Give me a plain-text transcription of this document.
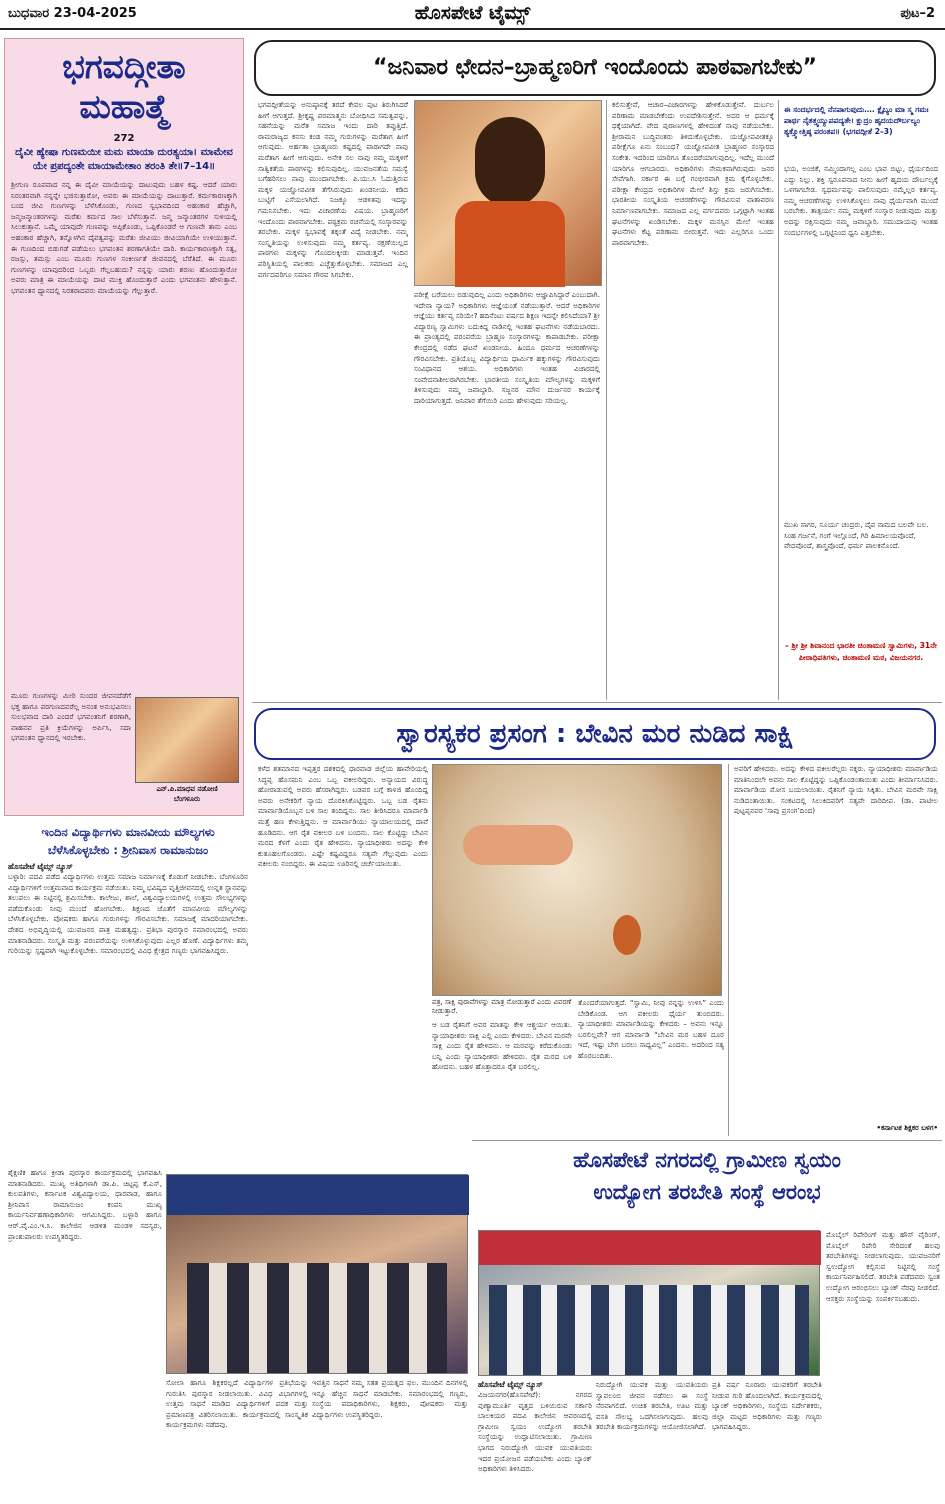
ಬುಧವಾರ 23-04-2025	ಹೊಸಪೇಟೆ ಟೈಮ್ಸ್	ಪುಟ–2
ಭಗವದ್ಗೀತಾ
ಮಹಾತ್ಮೆ
272
ದೈವೀ ಹ್ಯೇಷಾ ಗುಣಮಯೀ ಮಮ ಮಾಯಾ ದುರತ್ಯಯಾ। ಮಾಮೇವ ಯೇ ಪ್ರಪದ್ಯಂತೇ ಮಾಯಾಮೇತಾಂ ತರಂತಿ ತೇ॥7–14॥
ಶ್ರೀಗುಣ ರೂಪವಾದ ನನ್ನ ಈ ದೈವೀ ಮಾಯೆಯನ್ನು ದಾಟುವುದು ಬಹಳ ಕಷ್ಟ. ಆದರೆ ಯಾರು ನಿರಂತರವಾಗಿ ನನ್ನನ್ನೇ ಭಜಿಸುತ್ತಾರೋ, ಅವರು ಈ ಮಾಯೆಯನ್ನು ದಾಟುತ್ತಾರೆ. ಕರ್ಮಕಾರಣಕ್ಕಾಗಿ ಬಂದ ಜೀವಿ ಗುಣಗಳನ್ನು ಬೆಳೆಸಿಕೊಂಡು, ಗುಣದ ಸ್ವಭಾವದಿಂದ ಅಹಂಕಾರ ಹೆಚ್ಚಾಗಿ, ಜನ್ಮಜನ್ಮಾಂತರಗಳನ್ನು ಮರೆತು ಕರ್ಮದ ಸಾಲ ಬೆಳೆಸುತ್ತಾನೆ. ಜನ್ಮ ಜನ್ಮಾಂತರಗಳ ಸುಳಿಯಲ್ಲಿ ಸಿಲುಕುತ್ತಾನೆ. ಒಮ್ಮೆ ಯಾವುದೇ ಗುಣವನ್ನು ಅಪ್ಪಿಕೊಂಡು, ಒಪ್ಪಿಕೊಂಡರೆ ಆ ಗುಣವೇ ತಾನು ಎಂಬ ಅಹಂಕಾರ ಹೆಚ್ಚಾಗಿ, ತನ್ನೊಳಗಿನ ದೈವತ್ವವನ್ನು ಮರೆತು ಜೀವಿಯು ಜೀವಿಯಾಗಿಯೇ ಉಳಿಯುತ್ತಾನೆ. ಈ ಗುಣದಿಂದ ಬಿಡುಗಡೆ ಪಡೆಯಲು ಭಗವಂತನ ಶರಣಾಗತಿಯೇ ದಾರಿ. ಕಾರ್ಯಕಾರಣಕ್ಕಾಗಿ ಸತ್ವ, ರಜಸ್ಸು, ತಮಸ್ಸು ಎಂಬ ಮೂರು ಗುಣಗಳ ಸಂಕೀರ್ಣತೆ ಜೀವನದಲ್ಲಿ ಬೆರೆತಿದೆ. ಈ ಮೂರು ಗುಣಗಳನ್ನು ಯಾವುದರಿಂದ ಒಬ್ಬರು ಗೆಲ್ಲಬಹುದು? ನನ್ನನ್ನು ಯಾರು ಶರಣು ಹೊಂದುತ್ತಾರೋ ಅವರು ಮಾತ್ರ ಈ ಮಾಯೆಯನ್ನು ದಾಟಿ ಮುಕ್ತಿ ಹೊಂದುತ್ತಾರೆ ಎಂದು ಭಗವಂತನು ಹೇಳುತ್ತಾನೆ. ಭಗವಂತನ ಧ್ಯಾನದಲ್ಲಿ ನಿರತರಾದವರು ಮಾಯೆಯನ್ನು ಗೆಲ್ಲುತ್ತಾರೆ.
ಮೂರು ಗುಣಗಳನ್ನು ಮೀರಿ ಸುಂದರ ಜೀವನದೆಡೆಗೆ ಭಕ್ತ ಹಾಗೂ ಪರಗುಣದವರೆಲ್ಲ ಅನಂತ ಅನುಭವಿಸಲು ಸುಲಭವಾದ ದಾರಿ ಎಂದರೆ ಭಗವಂತನಿಗೆ ಶರಣಾಗಿ, ವಾಹನವ ಪ್ರತಿ ಕ್ರಿಯೆಗಳನ್ನು ಅರ್ಪಿಸಿ, ಸದಾ ಭಗವಂತನ ಧ್ಯಾನದಲ್ಲಿ ಇರಬೇಕು.
ಎನ್.ಪಿ.ಮಾಧವ ನಡೋಣಿ
ಬೆಂಗಳೂರು
“ಜನಿವಾರ ಛೇದನ–ಬ್ರಾಹ್ಮಣರಿಗೆ ಇಂದೊಂದು ಪಾಠವಾಗಬೇಕು”
ಭಗವದ್ಗೀತೆಯನ್ನು ಅನುಷ್ಠಾನಕ್ಕೆ ತರದೆ ಕೇವಲ ಪುಟ ತಿರುಗಿಸಿದರೆ ಹೀಗೆ ಆಗುತ್ತದೆ. ಶ್ರೀಕೃಷ್ಣ ಪರಮಾತ್ಮನು ಬೋಧಿಸಿದ ಸಮತ್ವವನ್ನು, ಸಹನೆಯನ್ನು ಮರೆತ ಸಮಾಜ ಇಂದು ದಾರಿ ತಪ್ಪುತ್ತಿದೆ. ರಾಮರಾಜ್ಯದ ಕನಸು ಕಂಡ ನಮ್ಮ ಗುರುಗಳನ್ನು ಮರೆತಾಗ ಹೀಗೆ ಆಗುವುದು. ಅರ್ಹತಾ ಬ್ರಾಹ್ಮಣರು ಕಷ್ಟದಲ್ಲಿ ಪಾರಾಗದೇ ನಾವು ಮರೆತಾಗ ಹೀಗೆ ಆಗುವುದು. ಅನೇಕ ಸಲ ನಾವು ನಮ್ಮ ಮಕ್ಕಳಿಗೆ ಸಾತ್ವಿಕತೆಯ ಪಾಠಗಳನ್ನು ಕಲಿಸುವುದಿಲ್ಲ. ಯುವಜನತೆಯ ಸಮಸ್ಯೆ ಬಗೆಹರಿಸಲು ನಾವು ಮುಂದಾಗಬೇಕು. ಪಿ.ಯು.ಸಿ ಓದುತ್ತಿರುವ ಮಕ್ಕಳ ಯಜ್ಞೋಪವೀತ ತೆಗೆಸಿರುವುದು ಖಂಡನೀಯ. ಕಡಿದ ಬುಟ್ಟಿಗೆ ಎಸೆಯಲಾಗಿದೆ. ನಿಜಕ್ಕೂ ಆಡಳಿತವು ಇದನ್ನು ಗಮನಿಸಬೇಕು. ಇದು ವಿಚಾರಣೆಯ ವಿಷಯ. ಬ್ರಾಹ್ಮಣರಿಗೆ ಇಂದೊಂದು ಪಾಠವಾಗಬೇಕು. ಪಠ್ಯಕ್ರಮ ರಚನೆಯಲ್ಲಿ ಸಂಸ್ಕಾರವನ್ನು ತರಬೇಕು. ಮಕ್ಕಳ ಸ್ವಭಾವಕ್ಕೆ ತಕ್ಕಂತೆ ವಿದ್ಯೆ ನೀಡಬೇಕು. ನಮ್ಮ ಸಂಸ್ಕೃತಿಯನ್ನು ಉಳಿಸುವುದು ನಮ್ಮ ಕರ್ತವ್ಯ. ರಕ್ಷಣೆಯಿಲ್ಲದ ಪಾಠಗಳು ಮಕ್ಕಳನ್ನು ಗೊಂದಲಕ್ಕೀಡು ಮಾಡುತ್ತವೆ. ಇಂದಿನ ಪರಿಸ್ಥಿತಿಯಲ್ಲಿ ಪಾಲಕರು ಎಚ್ಚೆತ್ತುಕೊಳ್ಳಬೇಕು. ಸಮಾಜದ ಎಲ್ಲ ವರ್ಗದವರಿಗೂ ಸಮಾನ ಗೌರವ ಸಿಗಬೇಕು.
ಪರೀಕ್ಷೆ ಬರೆಯಲು ಬಿಡುವುದಿಲ್ಲ ಎಂದು ಅಧಿಕಾರಿಗಳು ಆಜ್ಞಾಪಿಸಿದ್ದಾರೆ ಎಂಬುದಾಗಿ. ಇದೇನಾ ನ್ಯಾಯ? ಅಧಿಕಾರಿಗಳು ಆಜ್ಞೆಯಂತೆ ನಡೆಯುತ್ತಾರೆ. ಆದರೆ ಅಧಿಕಾರಿಗಳ ಆಜ್ಞೆಯು ಕರ್ತವ್ಯ ಸರಿಯೇ? ಹದಿನೆಂಟು ವರ್ಷದ ಶಿಕ್ಷಣ ಇದನ್ನೇ ಕಲಿಸಿದೆಯಾ? ಶ್ರೀ ವಿದ್ಯಾರಣ್ಯ ಸ್ವಾಮಿಗಳು ಬದುಕಿದ್ದ ನಾಡಿನಲ್ಲಿ ಇಂತಹ ಘಟನೆಗಳು ನಡೆಯಬಾರದು. ಈ ಪ್ರಾಂತ್ಯದಲ್ಲಿ ಪರಂಪರೆಯ ಬ್ರಾಹ್ಮಣ ಸಂಸ್ಕಾರಗಳನ್ನು ಕಾಪಾಡಬೇಕು. ಪರೀಕ್ಷಾ ಕೇಂದ್ರದಲ್ಲಿ ನಡೆದ ಘಟನೆ ಖಂಡನೀಯ. ಹಿಂದೂ ಧರ್ಮದ ಆಚರಣೆಗಳನ್ನು ಗೌರವಿಸಬೇಕು. ಪ್ರತಿಯೊಬ್ಬ ವಿದ್ಯಾರ್ಥಿಯ ಧಾರ್ಮಿಕ ಹಕ್ಕುಗಳನ್ನು ಗೌರವಿಸುವುದು ಸಂವಿಧಾನದ ಆಶಯ. ಅಧಿಕಾರಿಗಳು ಇಂತಹ ವಿಚಾರದಲ್ಲಿ ಸಂವೇದನಾಶೀಲರಾಗಿರಬೇಕು. ಭಾರತೀಯ ಸಂಸ್ಕೃತಿಯ ಮೌಲ್ಯಗಳನ್ನು ಮಕ್ಕಳಿಗೆ ತಿಳಿಸುವುದು ನಮ್ಮ ಜವಾಬ್ದಾರಿ. ಸಜ್ಜನರ ಮೌನ ದುರ್ಜನರ ಕಾರ್ಯಕ್ಕೆ ದಾರಿಯಾಗುತ್ತದೆ. ಜನಿವಾರ ತೆಗೆಯಿರಿ ಎಂದು ಹೇಳುವುದು ಸರಿಯಲ್ಲ.
ಕಲಿಸುತ್ತೇವೆ, ಆಚಾರ–ವಿಚಾರಗಳನ್ನು ಹೇಳಿಕೊಡುತ್ತೇವೆ. ದುರ್ಬಲ ಪರಿಣಾಮ ಮಾಡಬೇಕೆಂದು ಉಪದೇಶಿಸುತ್ತೇನೆ. ಅದರ ಆ ಧರ್ಮಕ್ಕೆ ಧಕ್ಕೆಯಾಗಿದೆ. ವೇದ ಪುರಾಣಗಳಲ್ಲಿ ಹೇಳಿದಂತೆ ನಾವು ನಡೆಯಬೇಕು. ಶ್ರೀರಾಮನ ಬುದ್ಧಿವಂತರು ತಿಳಿದುಕೊಳ್ಳಬೇಕು. ಯಜ್ಞೋಪವೀತಕ್ಕೂ ಪರೀಕ್ಷೆಗೂ ಏನು ಸಂಬಂಧ? ಯಜ್ಞೋಪವೀತ ಬ್ರಾಹ್ಮಣರ ಸಂಸ್ಕಾರದ ಸಂಕೇತ. ಇದರಿಂದ ಯಾರಿಗೂ ತೊಂದರೆಯಾಗುವುದಿಲ್ಲ. ಇದೆಲ್ಲ ಮುಂದೆ ಯಾರಿಗೂ ಆಗಬಾರದು. ಅಧಿಕಾರಿಗಳು ನೇಮಕವಾಗಿರುವುದು ಜನರ ಸೇವೆಗಾಗಿ. ಸರ್ಕಾರ ಈ ಬಗ್ಗೆ ಗಂಭೀರವಾಗಿ ಕ್ರಮ ಕೈಗೊಳ್ಳಬೇಕು. ಪರೀಕ್ಷಾ ಕೇಂದ್ರದ ಅಧಿಕಾರಿಗಳ ಮೇಲೆ ಶಿಸ್ತು ಕ್ರಮ ಜರುಗಿಸಬೇಕು. ಭಾರತೀಯ ಸಂಸ್ಕೃತಿಯ ಆಚರಣೆಗಳನ್ನು ಗೌರವಿಸುವ ವಾತಾವರಣ ನಿರ್ಮಾಣವಾಗಬೇಕು. ಸಮಾಜದ ಎಲ್ಲ ವರ್ಗದವರು ಒಗ್ಗಟ್ಟಾಗಿ ಇಂತಹ ಘಟನೆಗಳನ್ನು ಖಂಡಿಸಬೇಕು. ಮಕ್ಕಳ ಮನಸ್ಸಿನ ಮೇಲೆ ಇಂತಹ ಘಟನೆಗಳು ಕೆಟ್ಟ ಪರಿಣಾಮ ಬೀರುತ್ತವೆ. ಇದು ಎಲ್ಲರಿಗೂ ಒಂದು ಪಾಠವಾಗಬೇಕು.
ಈ ಸಂದರ್ಭದಲ್ಲಿ ನೆನಪಾಗುವುದು…. ಕ್ಲೈಬ್ಯಂ ಮಾ ಸ್ಮ ಗಮಃ ಪಾರ್ಥ ನೈತತ್ತ್ವಯ್ಯುಪಪದ್ಯತೇ। ಕ್ಷುದ್ರಂ ಹೃದಯದೌರ್ಬಲ್ಯಂ ತ್ಯಕ್ತ್ವೋತ್ತಿಷ್ಠ ಪರಂತಪ॥ (ಭಗವದ್ಗೀತೆ 2–3)
ಭಯ, ಅಂಜಿಕೆ, ನಮ್ಮಿಂದಾಗಲ್ಲ ಎಂಬ ಭಾವ ಬಿಟ್ಟು, ಧೈರ್ಯದಿಂದ ಎದ್ದು ನಿಲ್ಲು. ಶಕ್ತಿ ಸ್ವರೂಪನಾದ ನೀನು ಹೀಗೆ ಹೃದಯ ದೌರ್ಬಲ್ಯಕ್ಕೆ ಒಳಗಾಗಬೇಡ. ಸ್ವಧರ್ಮವನ್ನು ಪಾಲಿಸುವುದು ನಮ್ಮೆಲ್ಲರ ಕರ್ತವ್ಯ. ನಮ್ಮ ಆಚರಣೆಗಳನ್ನು ಉಳಿಸಿಕೊಳ್ಳಲು ನಾವು ಧೈರ್ಯವಾಗಿ ಮುಂದೆ ಬರಬೇಕು. ತಾತ್ಪರ್ಯ: ನಮ್ಮ ಮಕ್ಕಳಿಗೆ ಸಂಸ್ಕಾರ ನೀಡುವುದು ಮತ್ತು ಅದನ್ನು ರಕ್ಷಿಸುವುದು ನಮ್ಮ ಜವಾಬ್ದಾರಿ. ಸಮುದಾಯವು ಇಂತಹ ಸಂದರ್ಭಗಳಲ್ಲಿ ಒಗ್ಗಟ್ಟಿನಿಂದ ಧ್ವನಿ ಎತ್ತಬೇಕು.
ಮುಖ ಸಾಗರ, ಸೂರ್ಯ ಚಂದ್ರರು, ದೈವ ನಾಮದ ಬಲವೇ ಬಲ. ಸಿಂಹ ಗರ್ಜನೆ, ಗಂಗೆ ಇಲ್ಲೊಂದೆ, ಗಿರಿ ಹಿಮಾಲಯವೊಂದೆ, ವೇದವೊಂದೆ, ಶಾಸ್ತ್ರವೊಂದೆ, ಧರ್ಮ ಪಾಲಕನೊಂದೆ.
– ಶ್ರೀ ಶ್ರೀ ಶಿವಾನಂದ ಭಾರತೀ ಚಿಂತಾಮಣಿ ಸ್ವಾಮಿಗಳು, 31ನೇ ಪೀಠಾಧಿಪತಿಗಳು, ಚಿಂತಾಮಣಿ ಮಠ, ವಿಜಯನಗರ.
ಸ್ವಾರಸ್ಯಕರ ಪ್ರಸಂಗ : ಬೇವಿನ ಮರ ನುಡಿದ ಸಾಕ್ಷಿ
ಕಳೆದ ಶತಮಾನದ ಇಪ್ಪತ್ತರ ದಶಕದಲ್ಲಿ ಧಾರವಾಡ ಜಿಲ್ಲೆಯ ಹಾವೇರಿಯಲ್ಲಿ ಸಿದ್ಧಪ್ಪ ಹೊಸಮನಿ ಎಂಬ ಒಬ್ಬ ವಕೀಲರಿದ್ದರು. ಅನ್ಯಾಯದ ವಿರುದ್ಧ ಹೋರಾಡುವಲ್ಲಿ ಅವರು ಹೆಸರಾಗಿದ್ದರು. ಬಡವರ ಬಗ್ಗೆ ಕಾಳಜಿ ಹೊಂದಿದ್ದ ಅವರು ಅನೇಕರಿಗೆ ನ್ಯಾಯ ದೊರಕಿಸಿಕೊಟ್ಟಿದ್ದರು. ಒಬ್ಬ ಬಡ ರೈತನು ಮಾರ್ವಾಡಿಯೊಬ್ಬನ ಬಳಿ ಸಾಲ ತಂದಿದ್ದನು. ಸಾಲ ತೀರಿಸಿದರೂ ಮಾರ್ವಾಡಿ ಮತ್ತೆ ಹಣ ಕೇಳುತ್ತಿದ್ದನು. ಆ ಮಾರ್ವಾಡಿಯು ನ್ಯಾಯಾಲಯದಲ್ಲಿ ದಾವೆ ಹೂಡಿದನು. ಆಗ ರೈತ ವಕೀಲರ ಬಳಿ ಬಂದನು. ಸಾಲ ಕೊಟ್ಟಿದ್ದು ಬೇವಿನ ಮರದ ಕೆಳಗೆ ಎಂದು ರೈತ ಹೇಳಿದನು. ನ್ಯಾಯಾಧೀಶರು ಅದನ್ನು ಕೇಳಿ ಕುತೂಹಲಗೊಂಡರು. ಎಷ್ಟೇ ಕಷ್ಟವಿದ್ದರೂ ಸತ್ಯವೇ ಗೆಲ್ಲುವುದು ಎಂದು ವಕೀಲರು ನಂಬಿದ್ದರು. ಈ ವಿಷಯ ಊರಿನಲ್ಲಿ ಚರ್ಚೆಯಾಯಿತು.
ಪತ್ರ, ಸಾಕ್ಷಿ ಪುರಾವೆಗಳನ್ನು ಮಾತ್ರ ನೋಡುತ್ತಾರೆ ಎಂದು ವಿವರಣೆ ನೀಡುತ್ತಾರೆ.
ಆ ಬಡ ರೈತನಿಗೆ ಅವರ ಮಾತನ್ನು ಕೇಳಿ ಆಶ್ಚರ್ಯ ಆಯಿತು. ನ್ಯಾಯಾಧೀಶರು ಸಾಕ್ಷಿ ಎಲ್ಲಿ ಎಂದು ಕೇಳಿದರು. ಬೇವಿನ ಮರವೇ ಸಾಕ್ಷಿ ಎಂದು ರೈತ ಹೇಳಿದನು. ಆ ಮರವನ್ನು ಕರೆದುಕೊಂಡು ಬನ್ನಿ ಎಂದು ನ್ಯಾಯಾಧೀಶರು ಹೇಳಿದರು. ರೈತ ಮರದ ಬಳಿ ಹೋದನು. ಬಹಳ ಹೊತ್ತಾದರೂ ರೈತ ಬರಲಿಲ್ಲ.
ತೊಂದರೆಯಾಗುತ್ತದೆ. “ಸ್ವಾಮಿ, ನೀವು ನನ್ನನ್ನು ಉಳಿಸಿ” ಎಂದು ಬೇಡಿಕೊಂಡ. ಆಗ ವಕೀಲರು ಧೈರ್ಯ ತುಂಬಿದರು. ನ್ಯಾಯಾಧೀಶರು ಮಾರ್ವಾಡಿಯನ್ನು ಕೇಳಿದರು – ಅವನು ಇನ್ನೂ ಬರಲಿಲ್ಲವೇ? ಆಗ ಮಾರ್ವಾಡಿ “ಬೇವಿನ ಮರ ಬಹಳ ದೂರ ಇದೆ, ಇಷ್ಟು ಬೇಗ ಬರಲು ಸಾಧ್ಯವಿಲ್ಲ” ಎಂದನು. ಅದರಿಂದ ಸತ್ಯ ಹೊರಬಂದಿತು.
ಅವರಿಗೆ ಹೇಳಿದರು. ಅದನ್ನು ಕೇಳಿದ ವಕೀಲರೆಲ್ಲರು ನಕ್ಕರು. ನ್ಯಾಯಾಧೀಶರು ಮಾರ್ವಾಡಿಯ ಮಾತಿನಿಂದಲೇ ಅವನು ಸಾಲ ಕೊಟ್ಟಿದ್ದನ್ನು ಒಪ್ಪಿಕೊಂಡಂತಾಯಿತು ಎಂದು ತೀರ್ಮಾನಿಸಿದರು. ಮಾರ್ವಾಡಿಯ ಮೋಸ ಬಯಲಾಯಿತು. ರೈತನಿಗೆ ನ್ಯಾಯ ಸಿಕ್ಕಿತು. ಬೇವಿನ ಮರವೇ ಸಾಕ್ಷಿ ನುಡಿದಂತಾಯಿತು. ಸಂಕಟದಲ್ಲಿ ಸಿಲುಕಿದವರಿಗೆ ಸತ್ಯವೇ ದಾರಿದೀಪ. (ಡಾ. ಪಾಟೀಲ ಪುಟ್ಟಪ್ಪನವರ ‘ಸಾವು ಪ್ರಸಂಗ’ದಿಂದ)
•ಕರ್ನಾಟಕ ಶಿಕ್ಷಕರ ಬಳಗ•
ಇಂದಿನ ವಿದ್ಯಾರ್ಥಿಗಳು ಮಾನವೀಯ ಮೌಲ್ಯಗಳು
ಬೆಳೆಸಿಕೊಳ್ಳಬೇಕು : ಶ್ರೀನಿವಾಸ ರಾಮಾನುಜಂ
ಹೊಸಪೇಟೆ ಟೈಮ್ಸ್ ನ್ಯೂಸ್
ಬಳ್ಳಾರಿ: ಪದವಿ ಪಡೆದ ವಿದ್ಯಾರ್ಥಿಗಳು ಉತ್ತಮ ಸಮಾಜ ನಿರ್ಮಾಣಕ್ಕೆ ಕೊಡುಗೆ ನೀಡಬೇಕು. ಬೆಂಗಳೂರಿನ ವಿದ್ಯಾರ್ಥಿಗಳಿಗೆ ಉತ್ತಮವಾದ ಕಾರ್ಯಕ್ರಮ ನಡೆಯಿತು. ನಿಮ್ಮ ಭವಿಷ್ಯದ ವೃತ್ತಿಜೀವನದಲ್ಲಿ ಉನ್ನತ ಸ್ಥಾನವನ್ನು ತಲುಪಲು ಈ ನಿಟ್ಟಿನಲ್ಲಿ ಶ್ರಮಿಸಬೇಕು. ಕಾಲೇಜು, ಶಾಲೆ, ವಿಶ್ವವಿದ್ಯಾಲಯಗಳಲ್ಲಿ ಉತ್ತಮ ಸೌಲಭ್ಯಗಳನ್ನು ಪಡೆದುಕೊಂಡು ನೀವು ಮುಂದೆ ಹೋಗಬೇಕು. ಶಿಕ್ಷಣದ ಜೊತೆಗೆ ಮಾನವೀಯ ಮೌಲ್ಯಗಳನ್ನು ಬೆಳೆಸಿಕೊಳ್ಳಬೇಕು. ಪೋಷಕರು ಹಾಗೂ ಗುರುಗಳನ್ನು ಗೌರವಿಸಬೇಕು. ಸಮಾಜಕ್ಕೆ ಮಾದರಿಯಾಗಬೇಕು. ದೇಶದ ಅಭಿವೃದ್ಧಿಯಲ್ಲಿ ಯುವಜನರ ಪಾತ್ರ ಮಹತ್ವದ್ದು. ಪ್ರತಿಭಾ ಪುರಸ್ಕಾರ ಸಮಾರಂಭದಲ್ಲಿ ಅವರು ಮಾತನಾಡಿದರು. ಸಂಸ್ಕೃತಿ ಮತ್ತು ಪರಂಪರೆಯನ್ನು ಉಳಿಸಿಕೊಳ್ಳುವುದು ಎಲ್ಲರ ಹೊಣೆ. ವಿದ್ಯಾರ್ಥಿಗಳು ತಮ್ಮ ಗುರಿಯನ್ನು ಸ್ಪಷ್ಟವಾಗಿ ಇಟ್ಟುಕೊಳ್ಳಬೇಕು. ಸಮಾರಂಭದಲ್ಲಿ ವಿವಿಧ ಕ್ಷೇತ್ರದ ಗಣ್ಯರು ಭಾಗವಹಿಸಿದ್ದರು.
ಶೈಕ್ಷಣಿಕ ಹಾಗೂ ಕ್ರೀಡಾ ಪುರಸ್ಕಾರ ಕಾರ್ಯಕ್ರಮದಲ್ಲಿ ಭಾಗವಹಿಸಿ ಮಾತನಾಡಿದರು. ಮುಖ್ಯ ಅತಿಥಿಗಳಾಗಿ ಡಾ.ಪಿ. ಚಿಟ್ಟಪ್ಪ ಕೆ.ಎಸ್, ಕುಲಪತಿಗಳು, ಕರ್ನಾಟಕ ವಿಶ್ವವಿದ್ಯಾಲಯ, ಧಾರವಾಡ, ಹಾಗೂ ಶ್ರೀನಿವಾಸ ರಾಮಾನುಜಂ ಕಂಪನಿ ಮುಖ್ಯ ಕಾರ್ಯನಿರ್ವಹಣಾಧಿಕಾರಿಗಳು ಆಗಮಿಸಿದ್ದರು. ಬಳ್ಳಾರಿ ಹಾಗೂ ಆರ್.ವೈ.ಎಂ.ಇ.ಸಿ. ಕಾಲೇಜಿನ ಆಡಳಿತ ಮಂಡಳಿ ಸದಸ್ಯರು, ಪ್ರಾಂಶುಪಾಲರು ಉಪಸ್ಥಿತರಿದ್ದರು.
ಸೋಲಾ ಹಾಗೂ ಶಿಕ್ಷಕರಲ್ಲದೆ ವಿದ್ಯಾರ್ಥಿಗಳ ಪ್ರತಿಭೆಯನ್ನು ಗುರುತಿಸಿ ಪುರಸ್ಕಾರ ನೀಡಲಾಯಿತು. ವಿವಿಧ ವಿಭಾಗಗಳಲ್ಲಿ ಉತ್ತಮ ಸಾಧನೆ ಮಾಡಿದ ವಿದ್ಯಾರ್ಥಿಗಳಿಗೆ ಪದಕ ಮತ್ತು ಪ್ರಮಾಣಪತ್ರ ವಿತರಿಸಲಾಯಿತು. ಕಾರ್ಯಕ್ರಮದಲ್ಲಿ ಸಾಂಸ್ಕೃತಿಕ ಕಾರ್ಯಕ್ರಮಗಳು ನಡೆದವು.
ಇವತ್ತಿನ ಸಾಧನೆ ನಮ್ಮ ಸತತ ಪ್ರಯತ್ನದ ಫಲ. ಮುಂದಿನ ದಿನಗಳಲ್ಲಿ ಇನ್ನೂ ಹೆಚ್ಚಿನ ಸಾಧನೆ ಮಾಡಬೇಕು. ಸಮಾರಂಭದಲ್ಲಿ ಗಣ್ಯರು, ಸಂಸ್ಥೆಯ ಪದಾಧಿಕಾರಿಗಳು, ಶಿಕ್ಷಕರು, ಪೋಷಕರು ಮತ್ತು ವಿದ್ಯಾರ್ಥಿಗಳು ಉಪಸ್ಥಿತರಿದ್ದರು.
ಹೊಸಪೇಟೆ ನಗರದಲ್ಲಿ ಗ್ರಾಮೀಣ ಸ್ವಯಂ
ಉದ್ಯೋಗ ತರಬೇತಿ ಸಂಸ್ಥೆ ಆರಂಭ
ಮೊಬೈಲ್ ರಿಪೇರಿಂಗ್ ಮತ್ತು ಹೌಸ್ ವೈರಿಂಗ್, ಮೊಬೈಲ್ ರಿಪೇರಿ ಸೇರಿದಂತೆ ಹಲವು ತರಬೇತಿಗಳನ್ನು ನೀಡಲಾಗುವುದು. ಯುವಜನರಿಗೆ ಸ್ವಉದ್ಯೋಗ ಕಲ್ಪಿಸುವ ನಿಟ್ಟಿನಲ್ಲಿ ಸಂಸ್ಥೆ ಕಾರ್ಯನಿರ್ವಹಿಸಲಿದೆ. ತರಬೇತಿ ಪಡೆದವರು ಸ್ವಂತ ಉದ್ಯೋಗ ಆರಂಭಿಸಲು ಬ್ಯಾಂಕ್ ನೆರವು ನೀಡಲಿದೆ. ಆಸಕ್ತರು ಸಂಸ್ಥೆಯನ್ನು ಸಂಪರ್ಕಿಸಬಹುದು.
ಹೊಸಪೇಟೆ ಟೈಮ್ಸ್ ನ್ಯೂಸ್
ವಿಜಯನಗರ(ಹೊಸಪೇಟೆ): ನಗರದ ಪುಣ್ಯಾಮೂರ್ತಿ ವೃತ್ತದ ಬಳಿಯಿರುವ ಸರ್ಕಾರಿ ಬಾಲಕಿಯರ ಪದವಿ ಕಾಲೇಜಿನ ಆವರಣದಲ್ಲಿ ಗ್ರಾಮೀಣ ಸ್ವಯಂ ಉದ್ಯೋಗ ತರಬೇತಿ ಸಂಸ್ಥೆಯನ್ನು ಉದ್ಘಾಟಿಸಲಾಯಿತು. ಗ್ರಾಮೀಣ ಭಾಗದ ನಿರುದ್ಯೋಗಿ ಯುವಕ ಯುವತಿಯರು ಇದರ ಪ್ರಯೋಜನ ಪಡೆಯಬೇಕು ಎಂದು ಬ್ಯಾಂಕ್ ಅಧಿಕಾರಿಗಳು ತಿಳಿಸಿದರು.
ನಿರುದ್ಯೋಗಿ ಯುವಕ ಮತ್ತು ಯುವತಿಯರು ಸ್ವಾವಲಂಬಿ ಜೀವನ ನಡೆಸಲು ಈ ಸಂಸ್ಥೆ ನೆರವಾಗಲಿದೆ. ಉಚಿತ ತರಬೇತಿ, ಊಟ ಮತ್ತು ವಸತಿ ಸೌಲಭ್ಯ ಒದಗಿಸಲಾಗುವುದು. ಹಲವು ತರಬೇತಿ ಕಾರ್ಯಕ್ರಮಗಳನ್ನು ಆಯೋಜಿಸಲಾಗಿದೆ.
ಪ್ರತಿ ವರ್ಷ ನೂರಾರು ಯುವಕರಿಗೆ ತರಬೇತಿ ನೀಡುವ ಗುರಿ ಹೊಂದಲಾಗಿದೆ. ಕಾರ್ಯಕ್ರಮದಲ್ಲಿ ಬ್ಯಾಂಕ್ ಅಧಿಕಾರಿಗಳು, ಸಂಸ್ಥೆಯ ನಿರ್ದೇಶಕರು, ಜಿಲ್ಲಾ ಮಟ್ಟದ ಅಧಿಕಾರಿಗಳು ಮತ್ತು ಗಣ್ಯರು ಭಾಗವಹಿಸಿದ್ದರು.
